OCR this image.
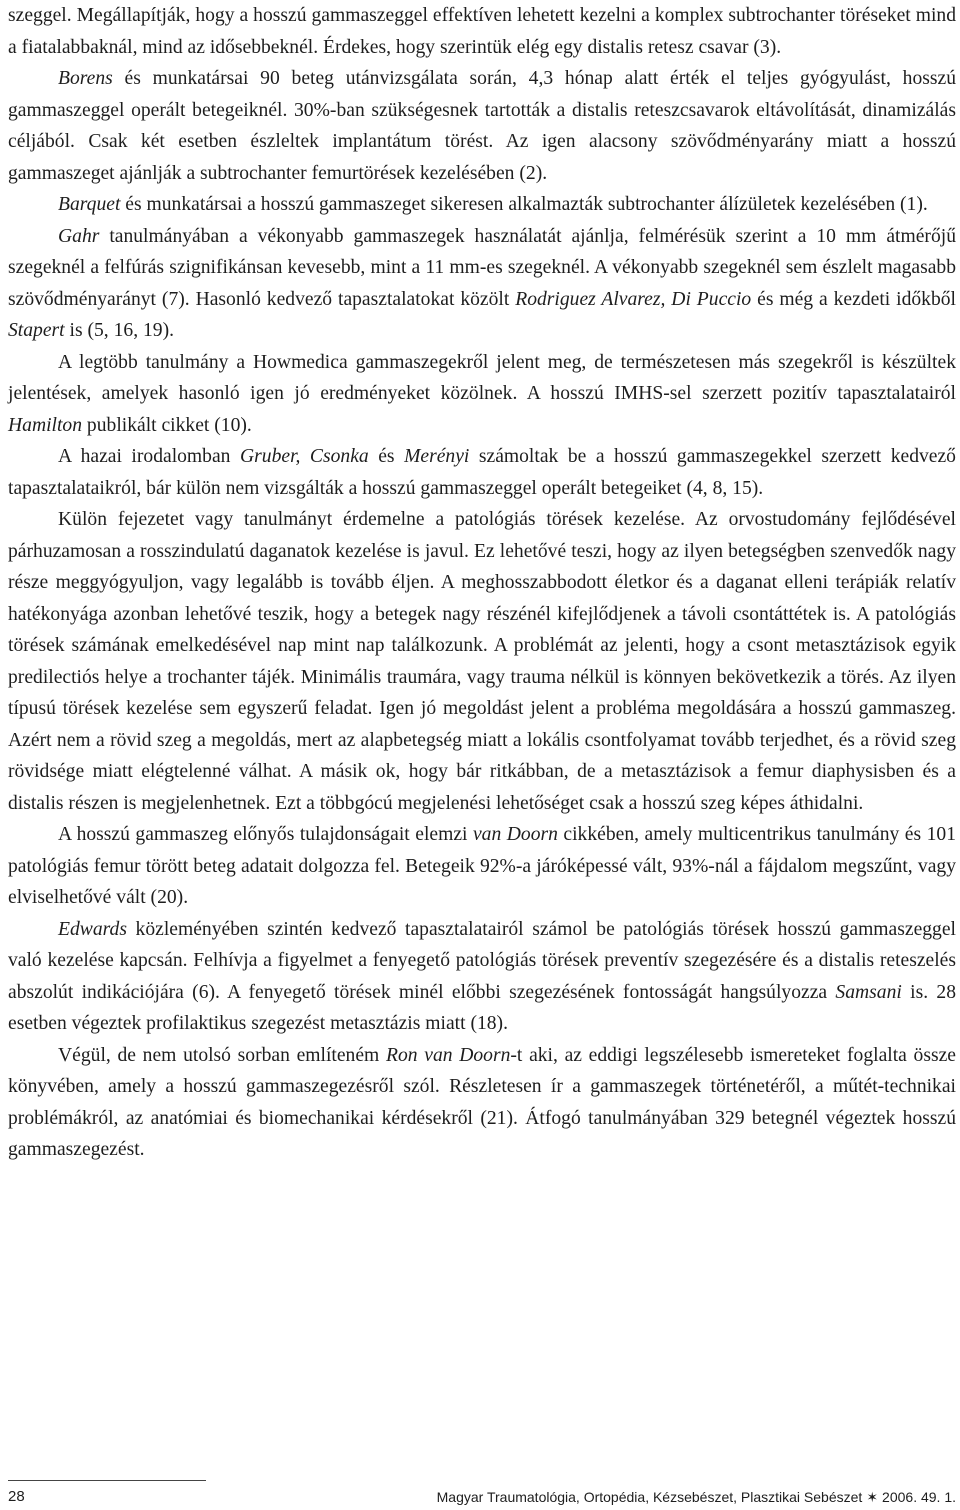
szeggel. Megállapítják, hogy a hosszú gammaszeggel effektíven lehetett kezelni a komplex subtrochanter töréseket mind a fiatalabbaknál, mind az idősebbeknél. Érdekes, hogy szerintük elég egy distalis retesz csavar (3).

Borens és munkatársai 90 beteg utánvizsgálata során, 4,3 hónap alatt érték el teljes gyógyulást, hosszú gammaszeggel operált betegeiknél. 30%-ban szükségesnek tartották a distalis reteszcsavarok eltávolítását, dinamizálás céljából. Csak két esetben észleltek implantátum törést. Az igen alacsony szövődményarány miatt a hosszú gammaszeget ajánlják a subtrochanter femurtörések kezelésében (2).

Barquet és munkatársai a hosszú gammaszeget sikeresen alkalmazták subtrochanter álízületek kezelésében (1).

Gahr tanulmányában a vékonyabb gammaszegek használatát ajánlja, felmérésük szerint a 10 mm átmérőjű szegeknél a felfúrás szignifikánsan kevesebb, mint a 11 mm-es szegeknél. A vékonyabb szegeknél sem észlelt magasabb szövődményarányt (7). Hasonló kedvező tapasztalatokat közölt Rodriguez Alvarez, Di Puccio és még a kezdeti időkből Stapert is (5, 16, 19).

A legtöbb tanulmány a Howmedica gammaszegekről jelent meg, de természetesen más szegekről is készültek jelentések, amelyek hasonló igen jó eredményeket közölnek. A hosszú IMHS-sel szerzett pozitív tapasztalatairól Hamilton publikált cikket (10).

A hazai irodalomban Gruber, Csonka és Merényi számoltak be a hosszú gammaszegekkel szerzett kedvező tapasztalataikról, bár külön nem vizsgálták a hosszú gammaszeggel operált betegeiket (4, 8, 15).

Külön fejezetet vagy tanulmányt érdemelne a patológiás törések kezelése. Az orvostudomány fejlődésével párhuzamosan a rosszindulatú daganatok kezelése is javul. Ez lehetővé teszi, hogy az ilyen betegségben szenvedők nagy része meggyógyuljon, vagy legalább is tovább éljen. A meghosszabbodott életkor és a daganat elleni terápiák relatív hatékonyága azonban lehetővé teszik, hogy a betegek nagy részénél kifejlődjenek a távoli csontáttétek is. A patológiás törések számának emelkedésével nap mint nap találkozunk. A problémát az jelenti, hogy a csont metasztázisok egyik predilectiós helye a trochanter tájék. Minimális traumára, vagy trauma nélkül is könnyen bekövetkezik a törés. Az ilyen típusú törések kezelése sem egyszerű feladat. Igen jó megoldást jelent a probléma megoldására a hosszú gammaszeg. Azért nem a rövid szeg a megoldás, mert az alapbetegség miatt a lokális csontfolyamat tovább terjedhet, és a rövid szeg rövidsége miatt elégtelenné válhat. A másik ok, hogy bár ritkábban, de a metasztázisok a femur diaphysisben és a distalis részen is megjelenhetnek. Ezt a többgócú megjelenési lehetőséget csak a hosszú szeg képes áthidalni.

A hosszú gammaszeg előnyős tulajdonságait elemzi van Doorn cikkében, amely multicentrikus tanulmány és 101 patológiás femur törött beteg adatait dolgozza fel. Betegeik 92%-a járóképessé vált, 93%-nál a fájdalom megszűnt, vagy elviselhetővé vált (20).

Edwards közleményében szintén kedvező tapasztalatairól számol be patológiás törések hosszú gammaszeggel való kezelése kapcsán. Felhívja a figyelmet a fenyegető patológiás törések preventív szegezésére és a distalis reteszelés abszolút indikációjára (6). A fenyegető törések minél előbbi szegezésének fontosságát hangsúlyozza Samsani is. 28 esetben végeztek profilaktikus szegezést metasztázis miatt (18).

Végül, de nem utolsó sorban említeném Ron van Doorn-t aki, az eddigi legszélesebb ismereteket foglalta össze könyvében, amely a hosszú gammaszegezésről szól. Részletesen ír a gammaszegek történetéről, a műtét-technikai problémákról, az anatómiai és biomechanikai kérdésekről (21). Átfogó tanulmányában 329 betegnél végeztek hosszú gammaszegezést.

28	Magyar Traumatológia, Ortopédia, Kézsebészet, Plasztikai Sebészet ✶ 2006. 49. 1.
